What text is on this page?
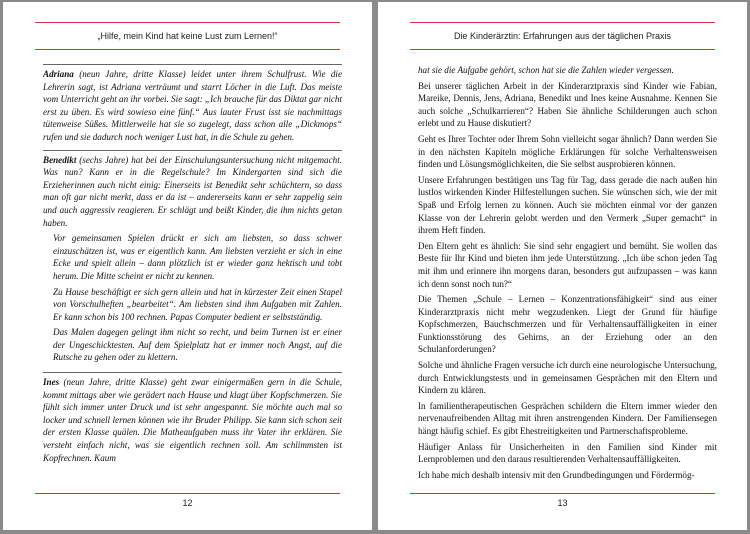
„Hilfe, mein Kind hat keine Lust zum Lernen!“
Adriana (neun Jahre, dritte Klasse) leidet unter ihrem Schulfrust. Wie die Lehrerin sagt, ist Adriana verträumt und starrt Löcher in die Luft. Das meiste vom Unterricht geht an ihr vorbei. Sie sagt: „Ich brauche für das Diktat gar nicht erst zu üben. Es wird sowieso eine fünf.“ Aus lauter Frust isst sie nachmittags tütenweise Süßes. Mittlerweile hat sie so zugelegt, dass schon alle „Dickmops“ rufen und sie dadurch noch weniger Lust hat, in die Schule zu gehen.
Benedikt (sechs Jahre) hat bei der Einschulungsuntersuchung nicht mitgemacht. Was nun? Kann er in die Regelschule? Im Kindergarten sind sich die Erzieherinnen auch nicht einig: Einerseits ist Benedikt sehr schüchtern, so dass man oft gar nicht merkt, dass er da ist – andererseits kann er sehr zappelig sein und auch aggressiv reagieren. Er schlägt und beißt Kinder, die ihm nichts getan haben.
Vor gemeinsamen Spielen drückt er sich am liebsten, so dass schwer einzuschätzen ist, was er eigentlich kann. Am liebsten verzieht er sich in eine Ecke und spielt allein – dann plötzlich ist er wieder ganz hektisch und tobt herum. Die Mitte scheint er nicht zu kennen.
Zu Hause beschäftigt er sich gern allein und hat in kürzester Zeit einen Stapel von Vorschulheften „bearbeitet“. Am liebsten sind ihm Aufgaben mit Zahlen. Er kann schon bis 100 rechnen. Papas Computer bedient er selbstständig.
Das Malen dagegen gelingt ihm nicht so recht, und beim Turnen ist er einer der Ungeschicktesten. Auf dem Spielplatz hat er immer noch Angst, auf die Rutsche zu gehen oder zu klettern.
Ines (neun Jahre, dritte Klasse) geht zwar einigermaßen gern in die Schule, kommt mittags aber wie gerädert nach Hause und klagt über Kopfschmerzen. Sie fühlt sich immer unter Druck und ist sehr angespannt. Sie möchte auch mal so locker und schnell lernen können wie ihr Bruder Philipp. Sie kann sich schon seit der ersten Klasse quälen. Die Matheaufgaben muss ihr Vater ihr erklären. Sie versteht einfach nicht, was sie eigentlich rechnen soll. Am schlimmsten ist Kopfrechnen. Kaum
12
Die Kinderärztin: Erfahrungen aus der täglichen Praxis
hat sie die Aufgabe gehört, schon hat sie die Zahlen wieder vergessen.
Bei unserer täglichen Arbeit in der Kinderarztpraxis sind Kinder wie Fabian, Mareike, Dennis, Jens, Adriana, Benedikt und Ines keine Ausnahme. Kennen Sie auch solche „Schulkarrieren“? Haben Sie ähnliche Schilderungen auch schon erlebt und zu Hause diskutiert?
Geht es Ihrer Tochter oder Ihrem Sohn vielleicht sogar ähnlich? Dann werden Sie in den nächsten Kapiteln mögliche Erklärungen für solche Verhaltensweisen finden und Lösungsmöglichkeiten, die Sie selbst ausprobieren können.
Unsere Erfahrungen bestätigen uns Tag für Tag, dass gerade die nach außen hin lustlos wirkenden Kinder Hilfestellungen suchen. Sie wünschen sich, wie der mit Spaß und Erfolg lernen zu können. Auch sie möchten einmal vor der ganzen Klasse von der Lehrerin gelobt werden und den Vermerk „Super gemacht“ in ihrem Heft finden.
Den Eltern geht es ähnlich: Sie sind sehr engagiert und bemüht. Sie wollen das Beste für Ihr Kind und bieten ihm jede Unterstützung. „Ich übe schon jeden Tag mit ihm und erinnere ihn morgens daran, besonders gut aufzupassen – was kann ich denn sonst noch tun?“
Die Themen „Schule – Lernen – Konzentrationsfähigkeit“ sind aus einer Kinderarztpraxis nicht mehr wegzudenken. Liegt der Grund für häufige Kopfschmerzen, Bauchschmerzen und für Verhaltensauffälligkeiten in einer Funktionsstörung des Gehirns, an der Erziehung oder an den Schulanforderungen?
Solche und ähnliche Fragen versuche ich durch eine neurologische Untersuchung, durch Entwicklungstests und in gemeinsamen Gesprächen mit den Eltern und Kindern zu klären.
In familientherapeutischen Gesprächen schildern die Eltern immer wieder den nervenaufreibenden Alltag mit ihren anstrengenden Kindern. Der Familiensegen hängt häufig schief. Es gibt Ehestreitigkeiten und Partnerschaftsprobleme.
Häufiger Anlass für Unsicherheiten in den Familien sind Kinder mit Lernproblemen und den daraus resultierenden Verhaltensauffälligkeiten.
Ich habe mich deshalb intensiv mit den Grundbedingungen und Fördermög-
13
